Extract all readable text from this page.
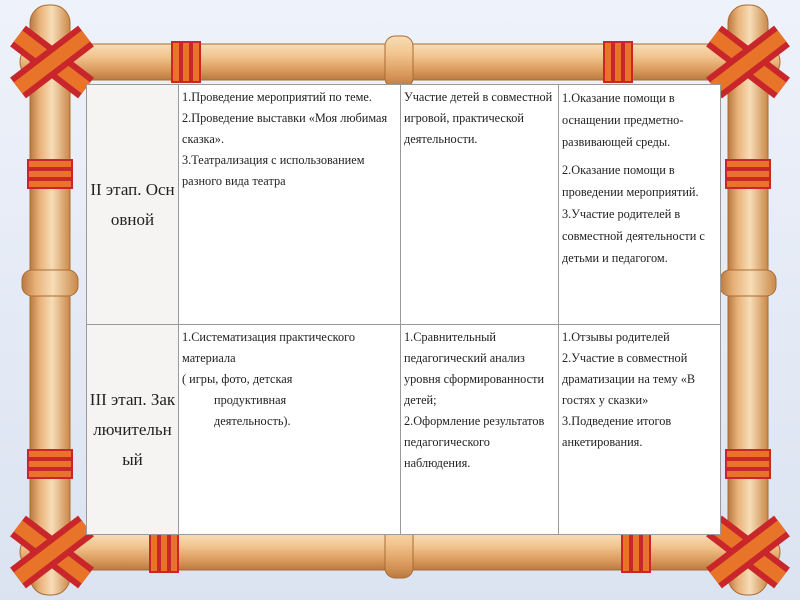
II этап. Основной	1.Проведение мероприятий по теме.
2.Проведение выставки «Моя любимая сказка».
3.Театрализация с использованием разного вида театра	Участие детей в совместной игровой, практической деятельности.	1.Оказание помощи в оснащении предметно-развивающей среды.
2.Оказание помощи в проведении мероприятий.
3.Участие родителей в совместной деятельности с детьми и педагогом.

III этап. Заключительный	1.Систематизация практического материала
( игры, фото, детская
продуктивная
деятельность).	1.Сравнительный педагогический анализ уровня сформированности детей;
2.Оформление результатов педагогического наблюдения.	1.Отзывы родителей
2.Участие в совместной драматизации на тему «В гостях у сказки»
3.Подведение итогов анкетирования.
